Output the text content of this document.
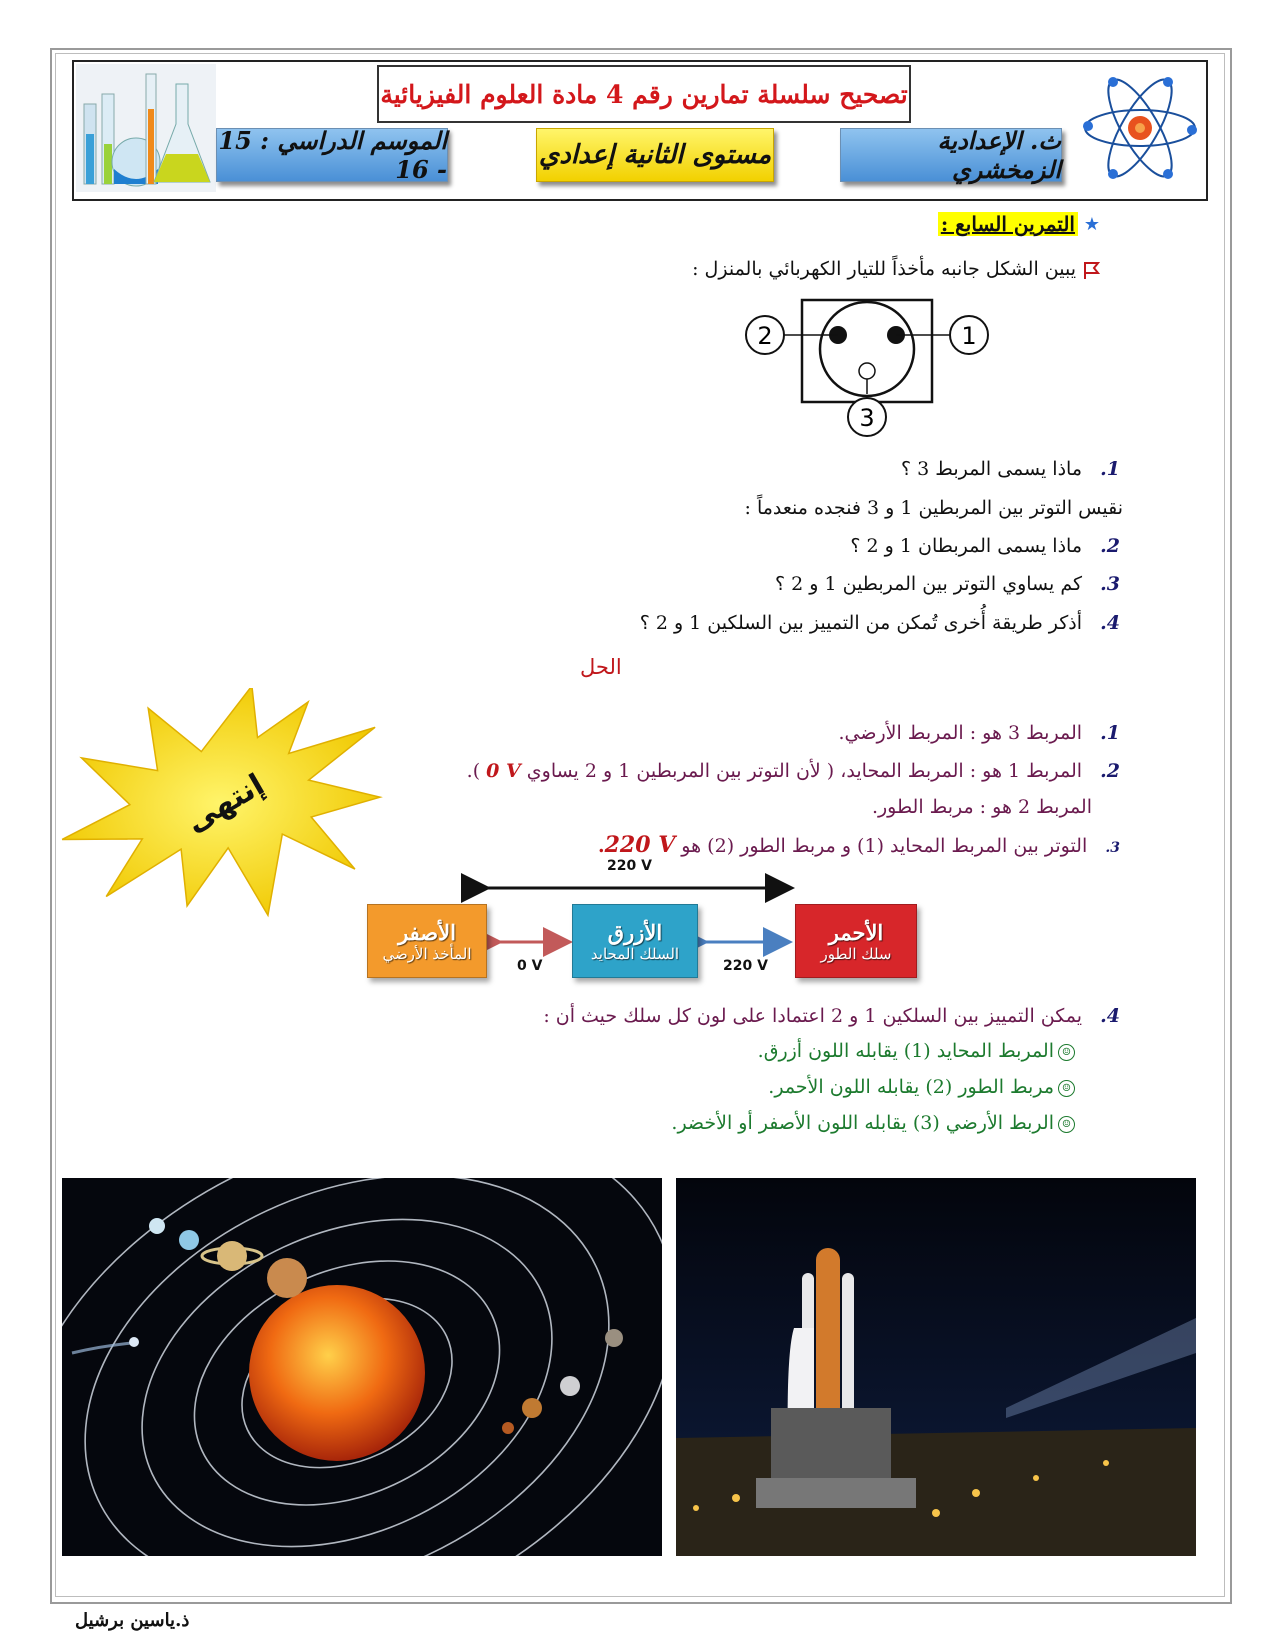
تصحيح سلسلة تمارين رقم 4 مادة العلوم الفيزيائية
الموسم الدراسي : 15 - 16	مستوى الثانية إعدادي	ث. الإعدادية الزمخشري
★
التمرين السابع :
يبين الشكل جانبه مأخذاً للتيار الكهربائي بالمنزل :
2	1
3
1.   ماذا يسمى المربط 3 ؟
نقيس التوتر بين المربطين 1 و 3 فنجده منعدماً :
2.   ماذا يسمى المربطان 1 و 2 ؟
3.   كم يساوي التوتر بين المربطين 1 و 2 ؟
4.   أذكر طريقة أُخرى تُمكن من التمييز بين السلكين 1 و 2 ؟
الحل
1.   المربط 3 هو : المربط الأرضي.
2.   المربط 1 هو : المربط المحايد، ( لأن التوتر بين المربطين 1 و 2 يساوي 0 V ).
المربط 2 هو : مربط الطور.
3.   التوتر بين المربط المحايد (1) و مربط الطور (2) هو 220 V.
إنتهى
220 V
الأصفر
المأخذ الأرضي
الأزرق
السلك المحايد
الأحمر
سلك الطور
0 V	220 V
4.   يمكن التمييز بين السلكين 1 و 2 اعتمادا على لون كل سلك حيث أن :
☺المربط المحايد (1) يقابله اللون أزرق.
☺مربط الطور (2) يقابله اللون الأحمر.
☺الربط الأرضي (3) يقابله اللون الأصفر أو الأخضر.
ذ.ياسين برشيل
